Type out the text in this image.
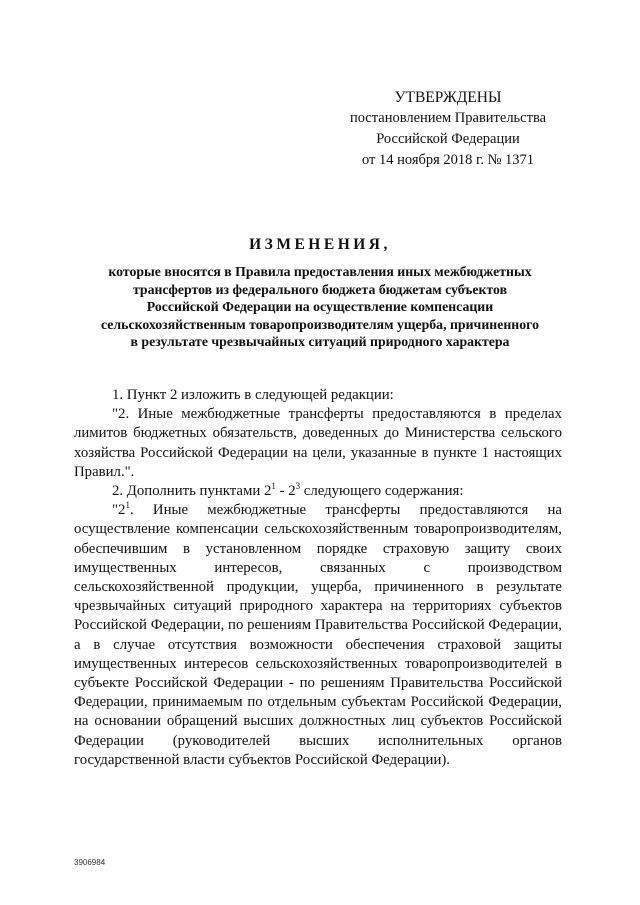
УТВЕРЖДЕНЫ
постановлением Правительства
Российской Федерации
от 14 ноября 2018 г. № 1371
ИЗМЕНЕНИЯ,
которые вносятся в Правила предоставления иных межбюджетных
трансфертов из федерального бюджета бюджетам субъектов
Российской Федерации на осуществление компенсации
сельскохозяйственным товаропроизводителям ущерба, причиненного
в результате чрезвычайных ситуаций природного характера

1. Пункт 2 изложить в следующей редакции:

"2. Иные межбюджетные трансферты предоставляются в пределах лимитов бюджетных обязательств, доведенных до Министерства сельского хозяйства Российской Федерации на цели, указанные в пункте 1 настоящих Правил.".

2. Дополнить пунктами $2^1 - 2^3$ следующего содержания:

"$2^1$. Иные межбюджетные трансферты предоставляются на осуществление компенсации сельскохозяйственным товаропроизводителям, обеспечившим в установленном порядке страховую защиту своих имущественных интересов, связанных с производством сельскохозяйственной продукции, ущерба, причиненного в результате чрезвычайных ситуаций природного характера на территориях субъектов Российской Федерации, по решениям Правительства Российской Федерации, а в случае отсутствия возможности обеспечения страховой защиты имущественных интересов сельскохозяйственных товаропроизводителей в субъекте Российской Федерации - по решениям Правительства Российской Федерации, принимаемым по отдельным субъектам Российской Федерации, на основании обращений высших должностных лиц субъектов Российской Федерации (руководителей высших исполнительных органов государственной власти субъектов Российской Федерации).

3906984
